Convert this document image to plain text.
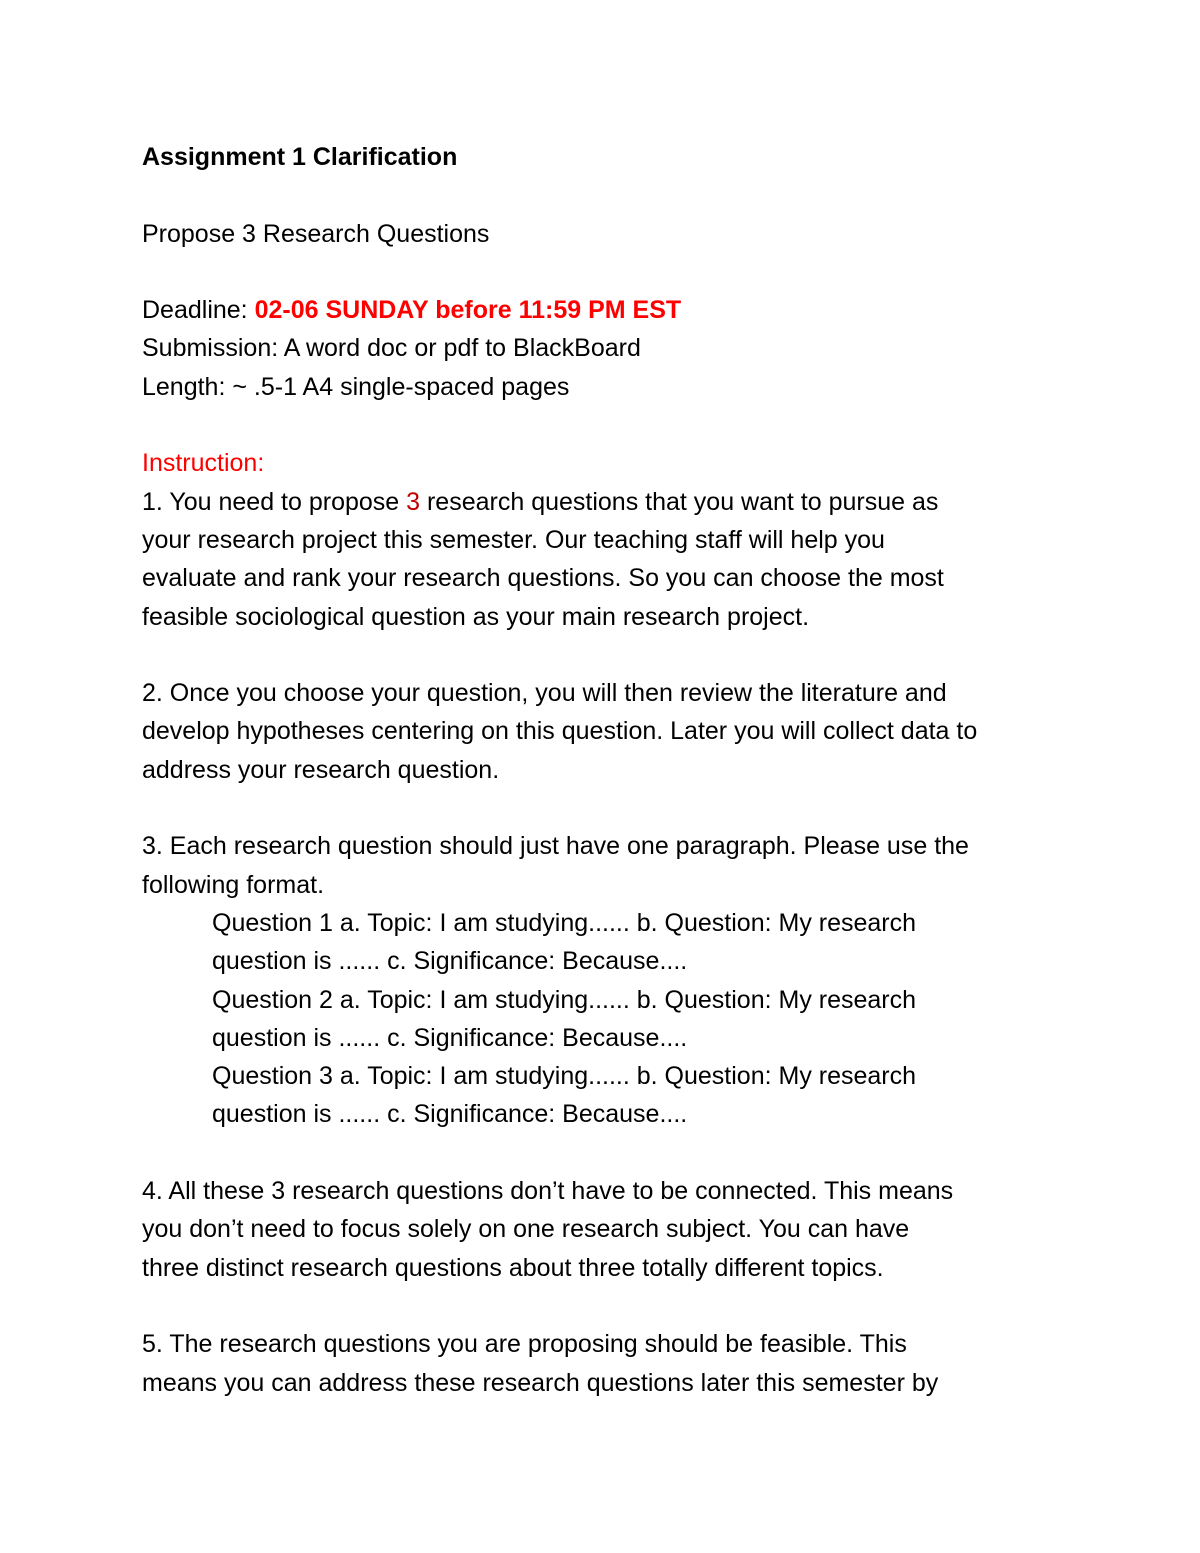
Assignment 1 Clarification

Propose 3 Research Questions

Deadline: 02-06 SUNDAY before 11:59 PM EST

Submission: A word doc or pdf to BlackBoard

Length: ~ .5-1 A4 single-spaced pages

Instruction:

1. You need to propose 3 research questions that you want to pursue as

your research project this semester. Our teaching staff will help you

evaluate and rank your research questions. So you can choose the most

feasible sociological question as your main research project.

2. Once you choose your question, you will then review the literature and

develop hypotheses centering on this question. Later you will collect data to

address your research question.

3. Each research question should just have one paragraph. Please use the

following format.

Question 1 a. Topic: I am studying...... b. Question: My research

question is ...... c. Significance: Because....

Question 2 a. Topic: I am studying...... b. Question: My research

question is ...... c. Significance: Because....

Question 3 a. Topic: I am studying...... b. Question: My research

question is ...... c. Significance: Because....

4. All these 3 research questions don’t have to be connected. This means

you don’t need to focus solely on one research subject. You can have

three distinct research questions about three totally different topics.

5. The research questions you are proposing should be feasible. This

means you can address these research questions later this semester by
